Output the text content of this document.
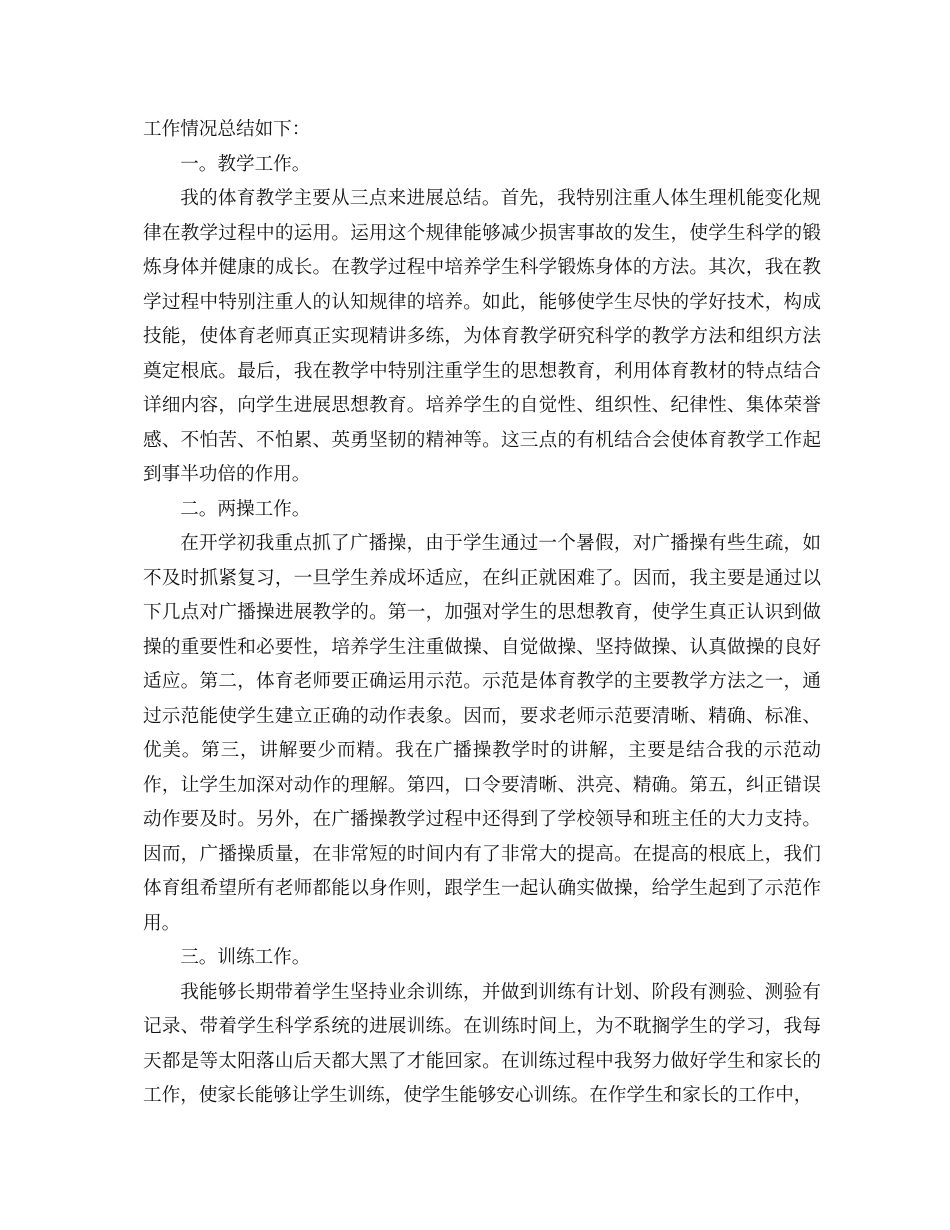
工作情况总结如下：

一。教学工作。

我的体育教学主要从三点来进展总结。首先，我特别注重人体生理机能变化规律在教学过程中的运用。运用这个规律能够减少损害事故的发生，使学生科学的锻炼身体并健康的成长。在教学过程中培养学生科学锻炼身体的方法。其次，我在教学过程中特别注重人的认知规律的培养。如此，能够使学生尽快的学好技术，构成技能，使体育老师真正实现精讲多练，为体育教学研究科学的教学方法和组织方法奠定根底。最后，我在教学中特别注重学生的思想教育，利用体育教材的特点结合详细内容，向学生进展思想教育。培养学生的自觉性、组织性、纪律性、集体荣誉感、不怕苦、不怕累、英勇坚韧的精神等。这三点的有机结合会使体育教学工作起到事半功倍的作用。

二。两操工作。

在开学初我重点抓了广播操，由于学生通过一个暑假，对广播操有些生疏，如不及时抓紧复习，一旦学生养成坏适应，在纠正就困难了。因而，我主要是通过以下几点对广播操进展教学的。第一，加强对学生的思想教育，使学生真正认识到做操的重要性和必要性，培养学生注重做操、自觉做操、坚持做操、认真做操的良好适应。第二，体育老师要正确运用示范。示范是体育教学的主要教学方法之一，通过示范能使学生建立正确的动作表象。因而，要求老师示范要清晰、精确、标准、优美。第三，讲解要少而精。我在广播操教学时的讲解，主要是结合我的示范动作，让学生加深对动作的理解。第四，口令要清晰、洪亮、精确。第五，纠正错误动作要及时。另外，在广播操教学过程中还得到了学校领导和班主任的大力支持。因而，广播操质量，在非常短的时间内有了非常大的提高。在提高的根底上，我们体育组希望所有老师都能以身作则，跟学生一起认确实做操，给学生起到了示范作用。

三。训练工作。

我能够长期带着学生坚持业余训练，并做到训练有计划、阶段有测验、测验有记录、带着学生科学系统的进展训练。在训练时间上，为不耽搁学生的学习，我每天都是等太阳落山后天都大黑了才能回家。在训练过程中我努力做好学生和家长的工作，使家长能够让学生训练，使学生能够安心训练。在作学生和家长的工作中，
